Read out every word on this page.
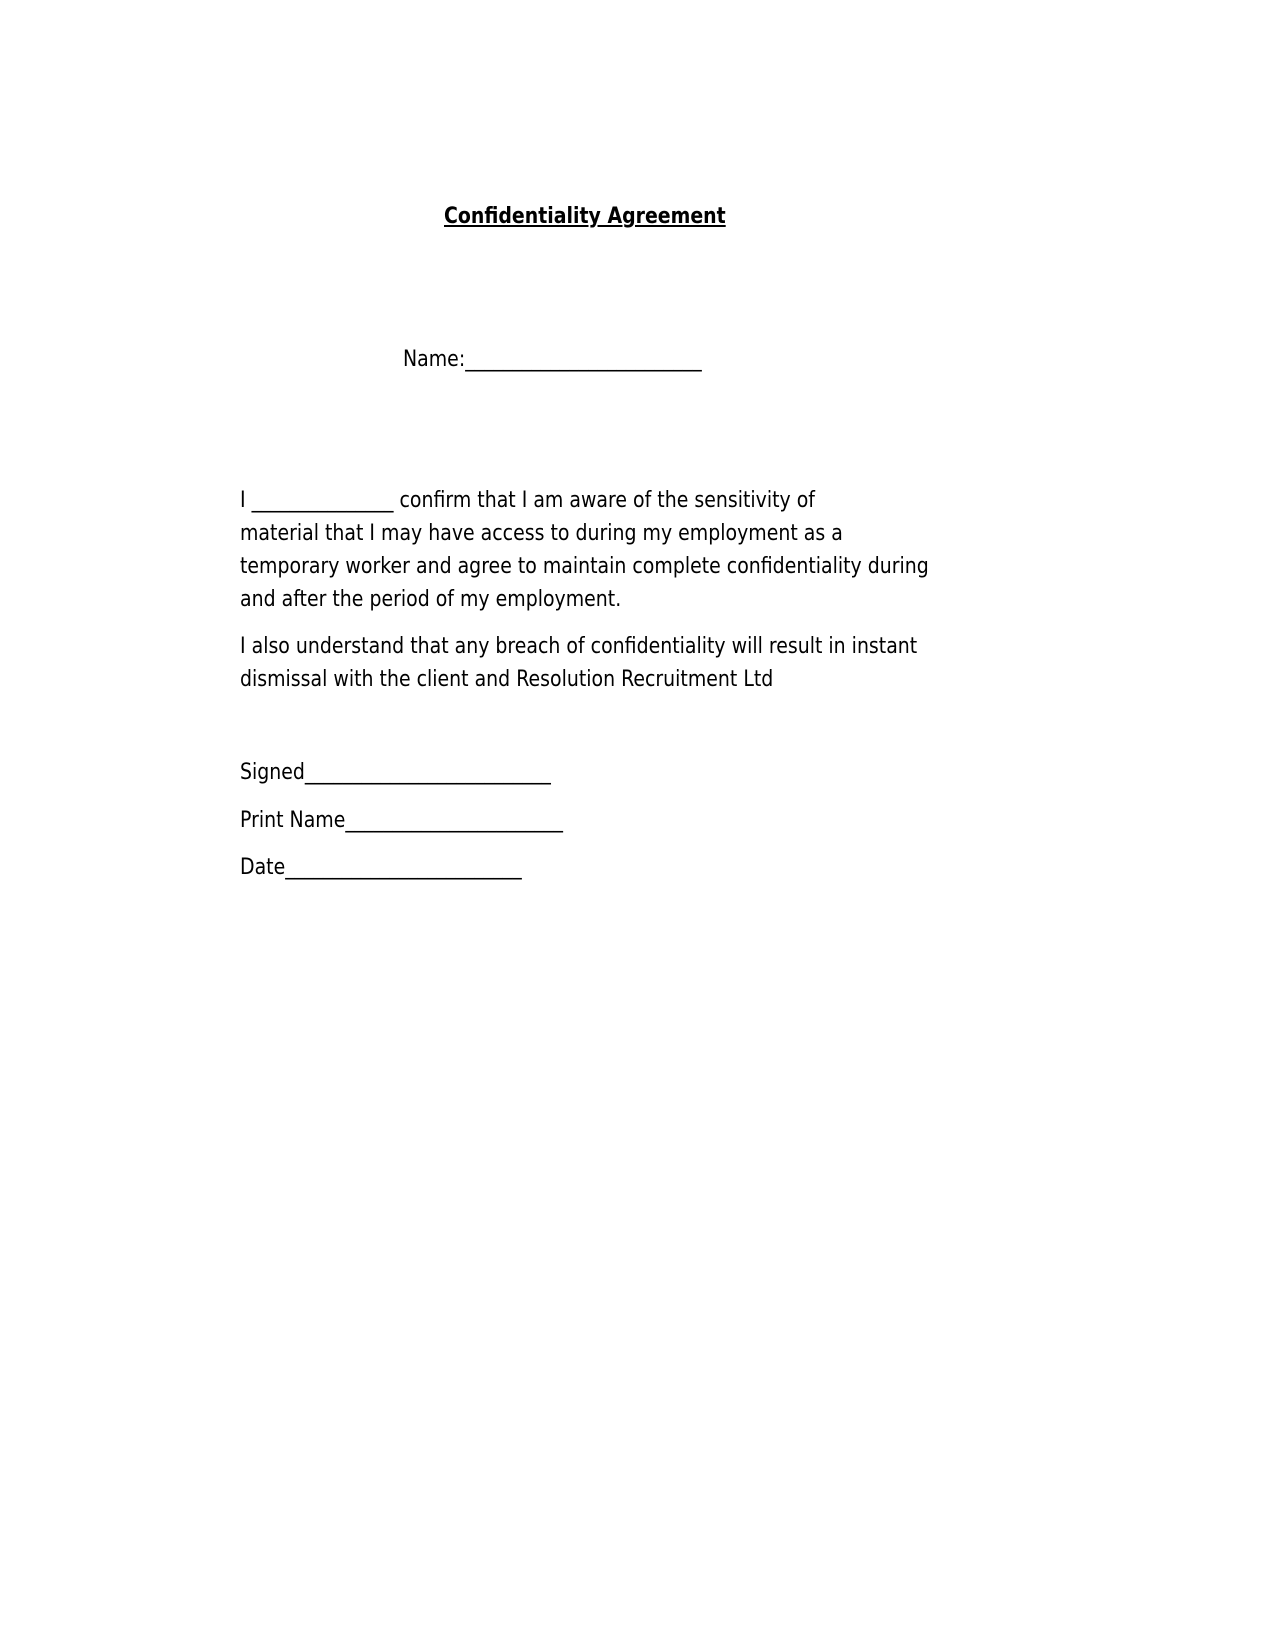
Confidentiality Agreement
Name:_________________________
I _______________ confirm that I am aware of the sensitivity of
material that I may have access to during my employment as a
temporary worker and agree to maintain complete confidentiality during
and after the period of my employment.
I also understand that any breach of confidentiality will result in instant
dismissal with the client and Resolution Recruitment Ltd
Signed__________________________
Print Name_______________________
Date_________________________
